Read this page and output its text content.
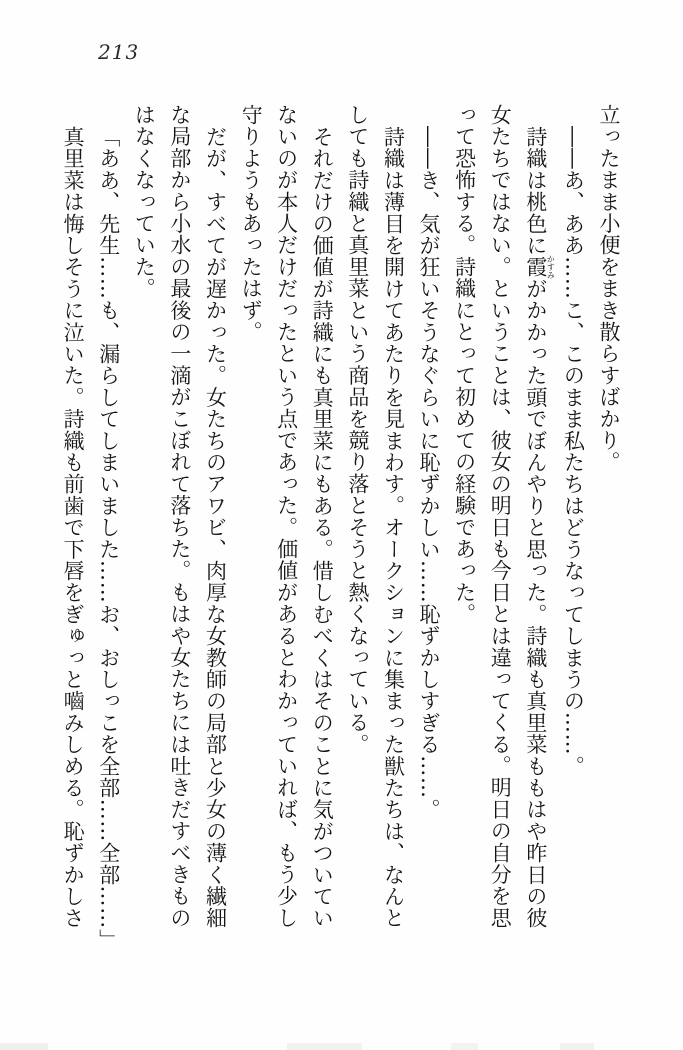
213
立ったまま小便をまき散らすばかり。
――あ、ああ……こ、このまま私たちはどうなってしまうの……。
詩織は桃色に霞かすみがかかった頭でぼんやりと思った。詩織も真里菜ももはや昨日の彼
女たちではない。ということは、彼女の明日も今日とは違ってくる。明日の自分を思
って恐怖する。詩織にとって初めての経験であった。
――き、気が狂いそうなぐらいに恥ずかしい……恥ずかしすぎる……。
詩織は薄目を開けてあたりを見まわす。オークションに集まった獣たちは、なんと
しても詩織と真里菜という商品を競り落とそうと熱くなっている。
それだけの価値が詩織にも真里菜にもある。惜しむべくはそのことに気がついてい
ないのが本人だけだったという点であった。価値があるとわかっていれば、もう少し
守りようもあったはず。
だが、すべてが遅かった。女たちのアワビ、肉厚な女教師の局部と少女の薄く繊細
な局部から小水の最後の一滴がこぼれて落ちた。もはや女たちには吐きだすべきもの
はなくなっていた。
「ああ、先生……も、漏らしてしまいました……お、おしっこを全部……全部……」
真里菜は悔しそうに泣いた。詩織も前歯で下唇をぎゅっと嚙みしめる。恥ずかしさ
